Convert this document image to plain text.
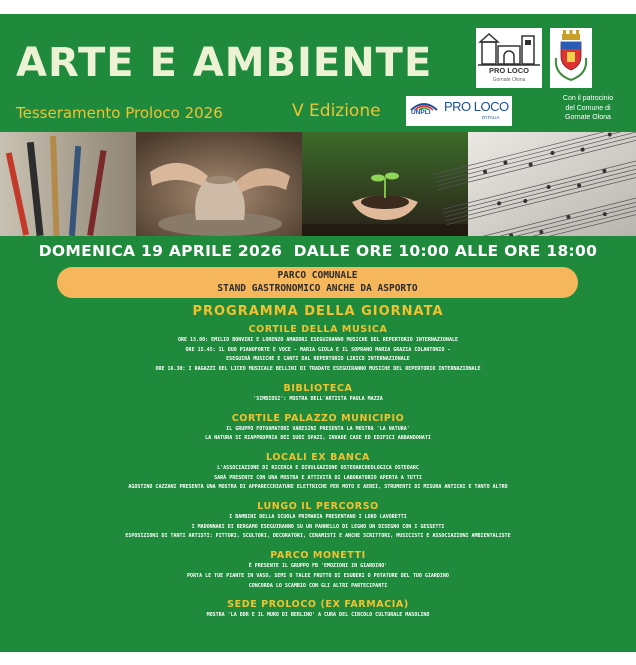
ARTE E AMBIENTE
Tesseramento Proloco 2026	V Edizione
PRO LOCO
Gornate Olona
Con il patrocinio
del Comune di
Gornate Olona
UNPLI PRO LOCO
D'ITALIA
DOMENICA 19 APRILE 2026  DALLE ORE 10:00 ALLE ORE 18:00
PARCO COMUNALE
STAND GASTRONOMICO ANCHE DA ASPORTO
PROGRAMMA DELLA GIORNATA
CORTILE DELLA MUSICA
ORE 15.00: EMILIO BONVINI E LORENZO AMADORI ESEGUIRANNO MUSICHE DEL REPERTORIO INTERNAZIONALE
ORE 15.45: IL DUO PIANOFORTE E VOCE - MARIA GIOLA E IL SOPRANO MARIA GRAZIA COLANTONIO -
ESEGUIRÀ MUSICHE E CANTI DAL REPERTORIO LIRICO INTERNAZIONALE
ORE 16.30: I RAGAZZI DEL LICEO MUSICALE BELLINI DI TRADATE ESEGUIRANNO MUSICHE DEL REPERTORIO INTERNAZIONALE
BIBLIOTECA
'SIMBIOSI': MOSTRA DELL'ARTISTA PAOLA MAZZA
CORTILE PALAZZO MUNICIPIO
IL GRUPPO FOTOAMATORI VARESINI PRESENTA LA MOSTRA 'LA NATURA'
LA NATURA SI RIAPPROPRIA DEI SUOI SPAZI, INVADE CASE ED EDIFICI ABBANDONATI
LOCALI EX BANCA
L'ASSOCIAZIONE DI RICERCA E DIVULGAZIONE OSTEOARCHEOLOGICA OSTEOARC
SARÀ PRESENTE CON UNA MOSTRA E ATTIVITÀ DI LABORATORIO APERTA A TUTTI
AGOSTINO CAZZANI PRESENTA UNA MOSTRA DI APPARECCHIATURE ELETTRICHE PER MOTO E AEREI, STRUMENTI DI MISURA ANTICHI E TANTO ALTRO
LUNGO IL PERCORSO
I BAMBINI DELLA SCUOLA PRIMARIA PRESENTANO I LORO LAVORETTI
I MADONNARI DI BERGAMO ESEGUIRANNO SU UN PANNELLO DI LEGNO UN DISEGNO CON I GESSETTI
ESPOSIZIONI DI TANTI ARTISTI: PITTORI, SCULTORI, DECORATORI, CERAMISTI E ANCHE SCRITTORI, MUSICISTI E ASSOCIAZIONI AMBIENTALISTE
PARCO MONETTI
È PRESENTE IL GRUPPO FB 'EMOZIONI IN GIARDINO'
PORTA LE TUE PIANTE IN VASO, SEMI O TALEE FRUTTO DI ESUBERI O POTATURE DEL TUO GIARDINO
CONCORDA LO SCAMBIO CON GLI ALTRI PARTECIPANTI
SEDE PROLOCO (EX FARMACIA)
MOSTRA 'LA DDR E IL MURO DI BERLINO' A CURA DEL CIRCOLO CULTURALE MASOLINO
